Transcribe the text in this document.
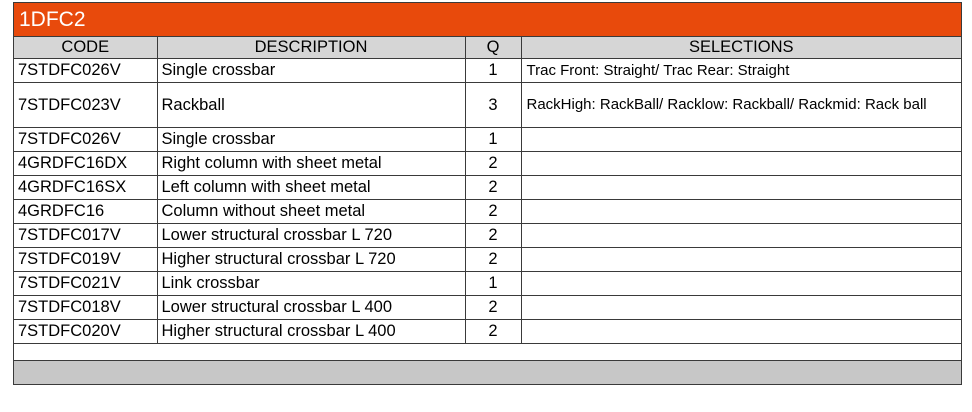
1DFC2
CODE	DESCRIPTION	Q	SELECTIONS
7STDFC026V	Single crossbar	1	Trac Front: Straight/ Trac Rear: Straight
7STDFC023V	Rackball	3	RackHigh: RackBall/ Racklow: Rackball/ Rackmid: Rack ball
7STDFC026V	Single crossbar	1	
4GRDFC16DX	Right column with sheet metal	2	
4GRDFC16SX	Left column with sheet metal	2	
4GRDFC16	Column without sheet metal	2	
7STDFC017V	Lower structural crossbar L 720	2	
7STDFC019V	Higher structural crossbar L 720	2	
7STDFC021V	Link crossbar	1	
7STDFC018V	Lower structural crossbar L 400	2	
7STDFC020V	Higher structural crossbar L 400	2	
